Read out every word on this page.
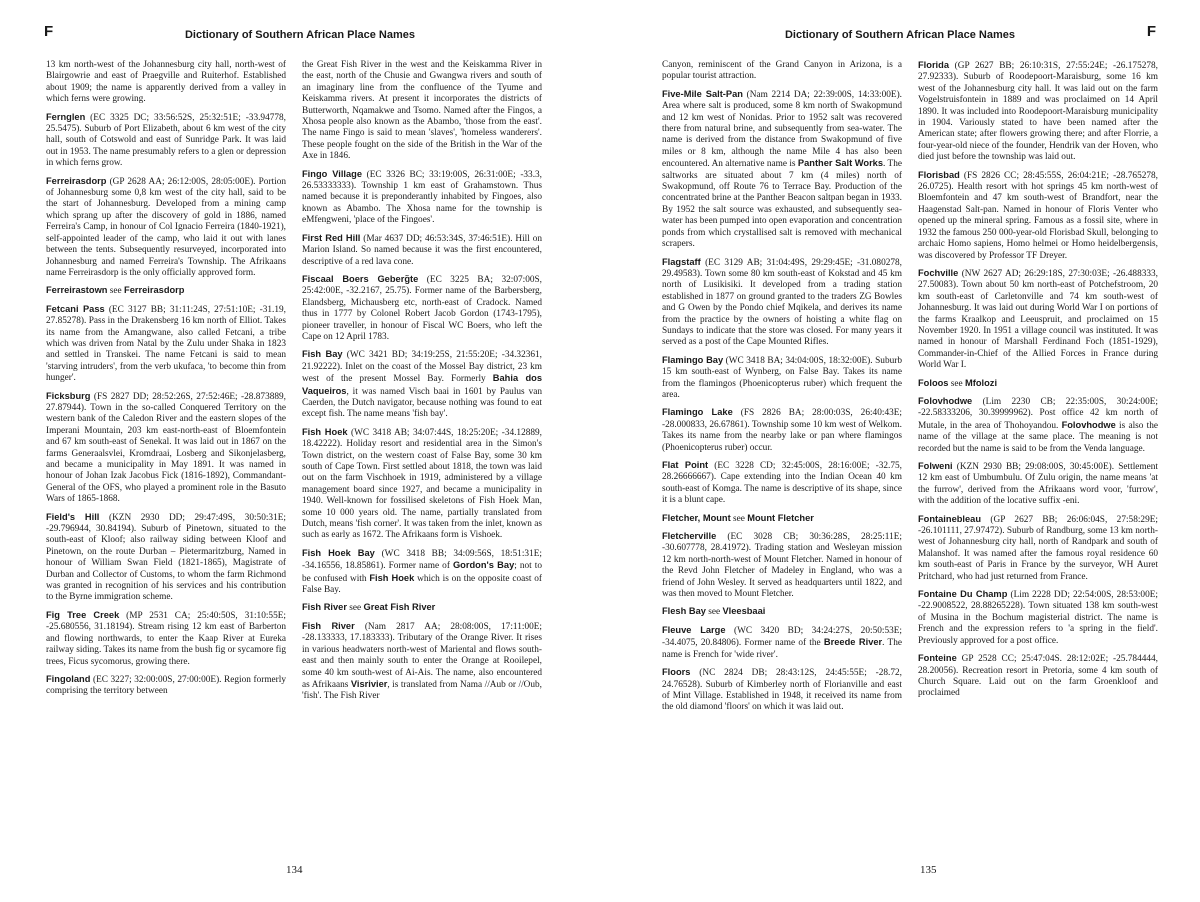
F	Dictionary of Southern African Place Names

13 km north-west of the Johannesburg city hall, north-west of Blairgowrie and east of Praegville and Ruiterhof. Established about 1909; the name is apparently derived from a valley in which ferns were growing.

Fernglen (EC 3325 DC; 33:56:52S, 25:32:51E; -33.94778, 25.5475). Suburb of Port Elizabeth, about 6 km west of the city hall, south of Cotswold and east of Sunridge Park. It was laid out in 1953. The name presumably refers to a glen or depression in which ferns grow.

Ferreirasdorp (GP 2628 AA; 26:12:00S, 28:05:00E). Portion of Johannesburg some 0,8 km west of the city hall, said to be the start of Johannesburg. Developed from a mining camp which sprang up after the discovery of gold in 1886, named Ferreira's Camp, in honour of Col Ignacio Ferreira (1840-1921), self-appointed leader of the camp, who laid it out with lanes between the tents. Subsequently resurveyed, incorporated into Johannesburg and named Ferreira's Township. The Afrikaans name Ferreirasdorp is the only officially approved form.

Ferreirastown see Ferreirasdorp

Fetcani Pass (EC 3127 BB; 31:11:24S, 27:51:10E; -31.19, 27.85278). Pass in the Drakensberg 16 km north of Elliot. Takes its name from the Amangwane, also called Fetcani, a tribe which was driven from Natal by the Zulu under Shaka in 1823 and settled in Transkei. The name Fetcani is said to mean 'starving intruders', from the verb ukufaca, 'to become thin from hunger'.

Ficksburg (FS 2827 DD; 28:52:26S, 27:52:46E; -28.873889, 27.87944). Town in the so-called Conquered Territory on the western bank of the Caledon River and the eastern slopes of the Imperani Mountain, 203 km east-north-east of Bloemfontein and 67 km south-east of Senekal. It was laid out in 1867 on the farms Generaalsvlei, Kromdraai, Losberg and Sikonjelasberg, and became a municipality in May 1891. It was named in honour of Johan Izak Jacobus Fick (1816-1892), Commandant-General of the OFS, who played a prominent role in the Basuto Wars of 1865-1868.

Field's Hill (KZN 2930 DD; 29:47:49S, 30:50:31E; -29.796944, 30.84194). Suburb of Pinetown, situated to the south-east of Kloof; also railway siding between Kloof and Pinetown, on the route Durban – Pietermaritzburg, Named in honour of William Swan Field (1821-1865), Magistrate of Durban and Collector of Customs, to whom the farm Richmond was granted in recognition of his services and his contribution to the Byrne immigration scheme.

Fig Tree Creek (MP 2531 CA; 25:40:50S, 31:10:55E; -25.680556, 31.18194). Stream rising 12 km east of Barberton and flowing northwards, to enter the Kaap River at Eureka railway siding. Takes its name from the bush fig or sycamore fig trees, Ficus sycomorus, growing there.

Fingoland (EC 3227; 32:00:00S, 27:00:00E). Region formerly comprising the territory between

the Great Fish River in the west and the Keiskamma River in the east, north of the Chusie and Gwangwa rivers and south of an imaginary line from the confluence of the Tyume and Keiskamma rivers. At present it incorporates the districts of Butterworth, Nqamakwe and Tsomo. Named after the Fingos, a Xhosa people also known as the Abambo, 'those from the east'. The name Fingo is said to mean 'slaves', 'homeless wanderers'. These people fought on the side of the British in the War of the Axe in 1846.

Fingo Village (EC 3326 BC; 33:19:00S, 26:31:00E; -33.3, 26.53333333). Township 1 km east of Grahamstown. Thus named because it is preponderantly inhabited by Fingoes, also known as Abambo. The Xhosa name for the township is eMfengweni, 'place of the Fingoes'.

First Red Hill (Mar 4637 DD; 46:53:34S, 37:46:51E). Hill on Marion Island. So named because it was the first encountered, descriptive of a red lava cone.

Fiscaal Boers Geberg̃te (EC 3225 BA; 32:07:00S, 25:42:00E, -32.2167, 25.75). Former name of the Barbersberg, Elandsberg, Michausberg etc, north-east of Cradock. Named thus in 1777 by Colonel Robert Jacob Gordon (1743-1795), pioneer traveller, in honour of Fiscal WC Boers, who left the Cape on 12 April 1783.

Fish Bay (WC 3421 BD; 34:19:25S, 21:55:20E; -34.32361, 21.92222). Inlet on the coast of the Mossel Bay district, 23 km west of the present Mossel Bay. Formerly Bahia dos Vaqueiros, it was named Visch baai in 1601 by Paulus van Caerden, the Dutch navigator, because nothing was found to eat except fish. The name means 'fish bay'.

Fish Hoek (WC 3418 AB; 34:07:44S, 18:25:20E; -34.12889, 18.42222). Holiday resort and residential area in the Simon's Town district, on the western coast of False Bay, some 30 km south of Cape Town. First settled about 1818, the town was laid out on the farm Vischhoek in 1919, administered by a village management board since 1927, and became a municipality in 1940. Well-known for fossilised skeletons of Fish Hoek Man, some 10 000 years old. The name, partially translated from Dutch, means 'fish corner'. It was taken from the inlet, known as such as early as 1672. The Afrikaans form is Vishoek.

Fish Hoek Bay (WC 3418 BB; 34:09:56S, 18:51:31E; -34.16556, 18.85861). Former name of Gordon's Bay; not to be confused with Fish Hoek which is on the opposite coast of False Bay.

Fish River see Great Fish River

Fish River (Nam 2817 AA; 28:08:00S, 17:11:00E; -28.133333, 17.183333). Tributary of the Orange River. It rises in various headwaters north-west of Mariental and flows south-east and then mainly south to enter the Orange at Rooilepel, some 40 km south-west of Ai-Ais. The name, also encountered as Afrikaans Visrivier, is translated from Nama //Aub or //Oub, 'fish'. The Fish River

134
Dictionary of Southern African Place Names	F

Canyon, reminiscent of the Grand Canyon in Arizona, is a popular tourist attraction.

Five-Mile Salt-Pan (Nam 2214 DA; 22:39:00S, 14:33:00E). Area where salt is produced, some 8 km north of Swakopmund and 12 km west of Nonidas. Prior to 1952 salt was recovered there from natural brine, and subsequently from sea-water. The name is derived from the distance from Swakopmund of five miles or 8 km, although the name Mile 4 has also been encountered. An alternative name is Panther Salt Works. The saltworks are situated about 7 km (4 miles) north of Swakopmund, off Route 76 to Terrace Bay. Production of the concentrated brine at the Panther Beacon saltpan began in 1933. By 1952 the salt source was exhausted, and subsequently sea-water has been pumped into open evaporation and concentration ponds from which crystallised salt is removed with mechanical scrapers.

Flagstaff (EC 3129 AB; 31:04:49S, 29:29:45E; -31.080278, 29.49583). Town some 80 km south-east of Kokstad and 45 km north of Lusikisiki. It developed from a trading station established in 1877 on ground granted to the traders ZG Bowles and G Owen by the Pondo chief Mqikela, and derives its name from the practice by the owners of hoisting a white flag on Sundays to indicate that the store was closed. For many years it served as a post of the Cape Mounted Rifles.

Flamingo Bay (WC 3418 BA; 34:04:00S, 18:32:00E). Suburb 15 km south-east of Wynberg, on False Bay. Takes its name from the flamingos (Phoenicopterus ruber) which frequent the area.

Flamingo Lake (FS 2826 BA; 28:00:03S, 26:40:43E; -28.000833, 26.67861). Township some 10 km west of Welkom. Takes its name from the nearby lake or pan where flamingos (Phoenicopterus ruber) occur.

Flat Point (EC 3228 CD; 32:45:00S, 28:16:00E; -32.75, 28.26666667). Cape extending into the Indian Ocean 40 km south-east of Komga. The name is descriptive of its shape, since it is a blunt cape.

Fletcher, Mount see Mount Fletcher

Fletcherville (EC 3028 CB; 30:36:28S, 28:25:11E; -30.607778, 28.41972). Trading station and Wesleyan mission 12 km north-north-west of Mount Fletcher. Named in honour of the Revd John Fletcher of Madeley in England, who was a friend of John Wesley. It served as headquarters until 1822, and was then moved to Mount Fletcher.

Flesh Bay see Vleesbaai

Fleuve Large (WC 3420 BD; 34:24:27S, 20:50:53E; -34.4075, 20.84806). Former name of the Breede River. The name is French for 'wide river'.

Floors (NC 2824 DB; 28:43:12S, 24:45:55E; -28.72, 24.76528). Suburb of Kimberley north of Florianville and east of Mint Village. Established in 1948, it received its name from the old diamond 'floors' on which it was laid out.

Florida (GP 2627 BB; 26:10:31S, 27:55:24E; -26.175278, 27.92333). Suburb of Roodepoort-Maraisburg, some 16 km west of the Johannesburg city hall. It was laid out on the farm Vogelstruisfontein in 1889 and was proclaimed on 14 April 1890. It was included into Roodepoort-Maraisburg municipality in 1904. Variously stated to have been named after the American state; after flowers growing there; and after Florrie, a four-year-old niece of the founder, Hendrik van der Hoven, who died just before the township was laid out.

Florisbad (FS 2826 CC; 28:45:55S, 26:04:21E; -28.765278, 26.0725). Health resort with hot springs 45 km north-west of Bloemfontein and 47 km south-west of Brandfort, near the Haagenstad Salt-pan. Named in honour of Floris Venter who opened up the mineral spring. Famous as a fossil site, where in 1932 the famous 250 000-year-old Florisbad Skull, belonging to archaic Homo sapiens, Homo helmei or Homo heidelbergensis, was discovered by Professor TF Dreyer.

Fochville (NW 2627 AD; 26:29:18S, 27:30:03E; -26.488333, 27.50083). Town about 50 km north-east of Potchefstroom, 20 km south-east of Carletonville and 74 km south-west of Johannesburg. It was laid out during World War I on portions of the farms Kraalkop and Leeuspruit, and proclaimed on 15 November 1920. In 1951 a village council was instituted. It was named in honour of Marshall Ferdinand Foch (1851-1929), Commander-in-Chief of the Allied Forces in France during World War I.

Foloos see Mfolozi

Folovhodwe (Lim 2230 CB; 22:35:00S, 30:24:00E; -22.58333206, 30.39999962). Post office 42 km north of Mutale, in the area of Thohoyandou. Folovhodwe is also the name of the village at the same place. The meaning is not recorded but the name is said to be from the Venda language.

Folweni (KZN 2930 BB; 29:08:00S, 30:45:00E). Settlement 12 km east of Umbumbulu. Of Zulu origin, the name means 'at the furrow', derived from the Afrikaans word voor, 'furrow', with the addition of the locative suffix -eni.

Fontainebleau (GP 2627 BB; 26:06:04S, 27:58:29E; -26.101111, 27.97472). Suburb of Randburg, some 13 km north-west of Johannesburg city hall, north of Randpark and south of Malanshof. It was named after the famous royal residence 60 km south-east of Paris in France by the surveyor, WH Auret Pritchard, who had just returned from France.

Fontaine Du Champ (Lim 2228 DD; 22:54:00S, 28:53:00E; -22.9008522, 28.88265228). Town situated 138 km south-west of Musina in the Bochum magisterial district. The name is French and the expression refers to 'a spring in the field'. Previously approved for a post office.

Fonteine GP 2528 CC; 25:47:04S. 28:12:02E; -25.784444, 28.20056). Recreation resort in Pretoria, some 4 km south of Church Square. Laid out on the farm Groenkloof and proclaimed

135
